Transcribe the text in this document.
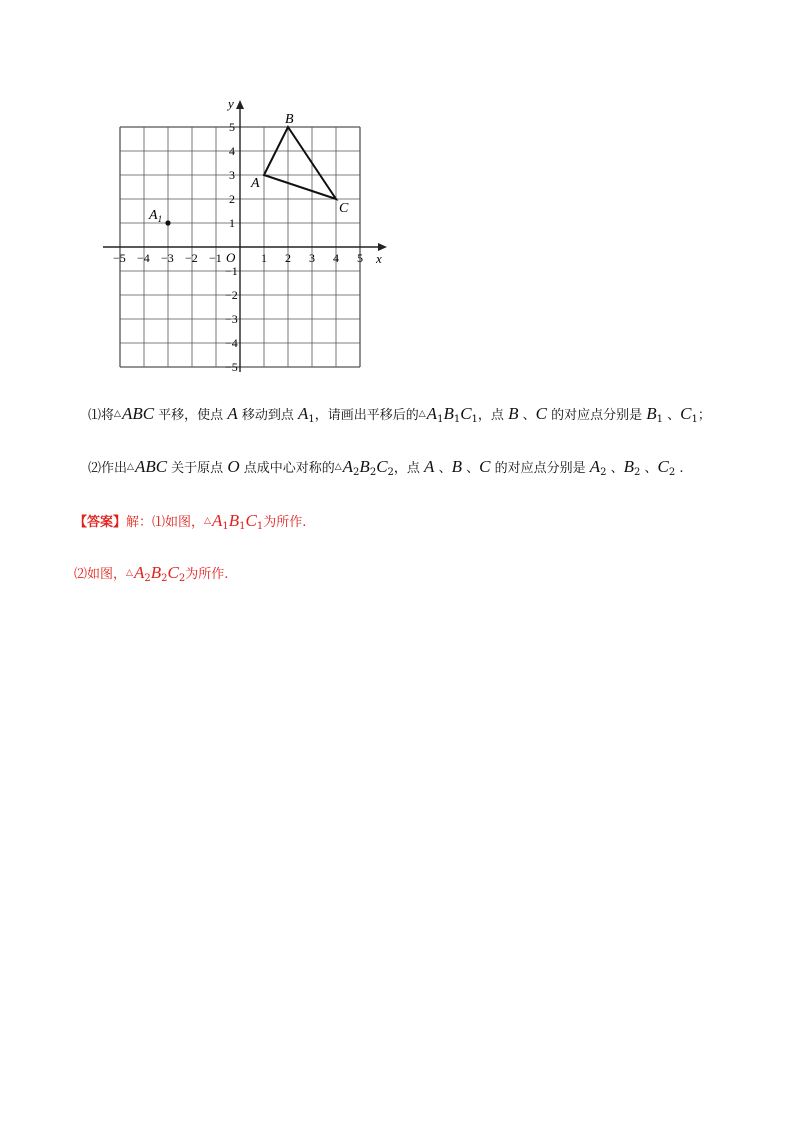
x
y
O
−5 −4 −3 −2 −1	1 2 3 4 5
5
4
3
2
1
−1
−2
−3
−4
−5
A
B
C
$A_1$
⑴将△ABC 平移，使点 A 移动到点 $A_1$，请画出平移后的$^\triangle A_1B_1C_1$，点 B 、C 的对应点分别是 $B_1$ 、$C_1$；
⑵作出△ABC 关于原点 O 点成中心对称的$^\triangle A_2B_2C_2$，点 A 、B 、C 的对应点分别是 $A_2$ 、$B_2$ 、$C_2$ .
【答案】解：⑴如图，$^\triangle A_1B_1C_1$为所作.
⑵如图，$^\triangle A_2B_2C_2$为所作.
